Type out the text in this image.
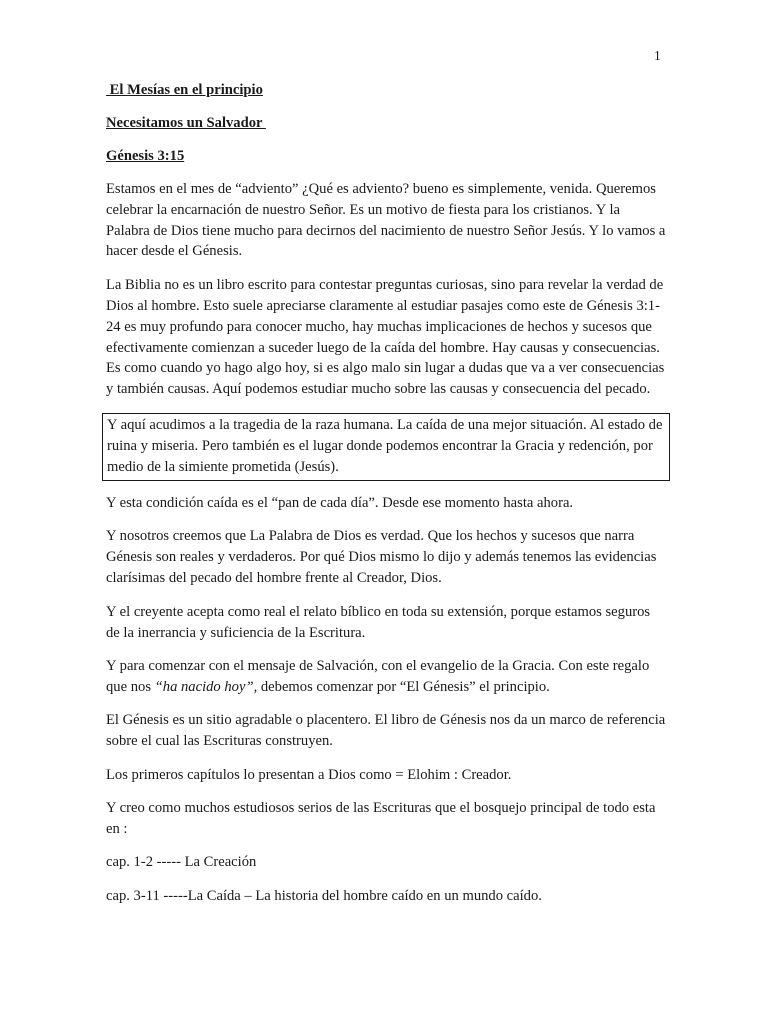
1
El Mesías en el principio
Necesitamos un Salvador
Génesis 3:15

Estamos en el mes de “adviento” ¿Qué es adviento? bueno es simplemente, venida. Queremos celebrar la encarnación de nuestro Señor. Es un motivo de fiesta para los cristianos. Y la Palabra de Dios tiene mucho para decirnos del nacimiento de nuestro Señor Jesús. Y lo vamos a hacer desde el Génesis.

La Biblia no es un libro escrito para contestar preguntas curiosas, sino para revelar la verdad de Dios al hombre. Esto suele apreciarse claramente al estudiar pasajes como este de Génesis 3:1-24 es muy profundo para conocer mucho, hay muchas implicaciones de hechos y sucesos que efectivamente comienzan a suceder luego de la caída del hombre. Hay causas y consecuencias. Es como cuando yo hago algo hoy, si es algo malo sin lugar a dudas que va a ver consecuencias y también causas. Aquí podemos estudiar mucho sobre las causas y consecuencia del pecado.

Y aquí acudimos a la tragedia de la raza humana. La caída de una mejor situación. Al estado de ruina y miseria. Pero también es el lugar donde podemos encontrar la Gracia y redención, por medio de la simiente prometida (Jesús).

Y esta condición caída es el “pan de cada día”. Desde ese momento hasta ahora.

Y nosotros creemos que La Palabra de Dios es verdad. Que los hechos y sucesos que narra Génesis son reales y verdaderos. Por qué Dios mismo lo dijo y además tenemos las evidencias clarísimas del pecado del hombre frente al Creador, Dios.

Y el creyente acepta como real el relato bíblico en toda su extensión, porque estamos seguros de la inerrancia y suficiencia de la Escritura.

Y para comenzar con el mensaje de Salvación, con el evangelio de la Gracia. Con este regalo que nos “ha nacido hoy”, debemos comenzar por “El Génesis” el principio.

El Génesis es un sitio agradable o placentero. El libro de Génesis nos da un marco de referencia sobre el cual las Escrituras construyen.

Los primeros capítulos lo presentan a Dios como = Elohim : Creador.

Y creo como muchos estudiosos serios de las Escrituras que el bosquejo principal de todo esta en :

cap. 1-2 ----- La Creación

cap. 3-11 -----La Caída – La historia del hombre caído en un mundo caído.
